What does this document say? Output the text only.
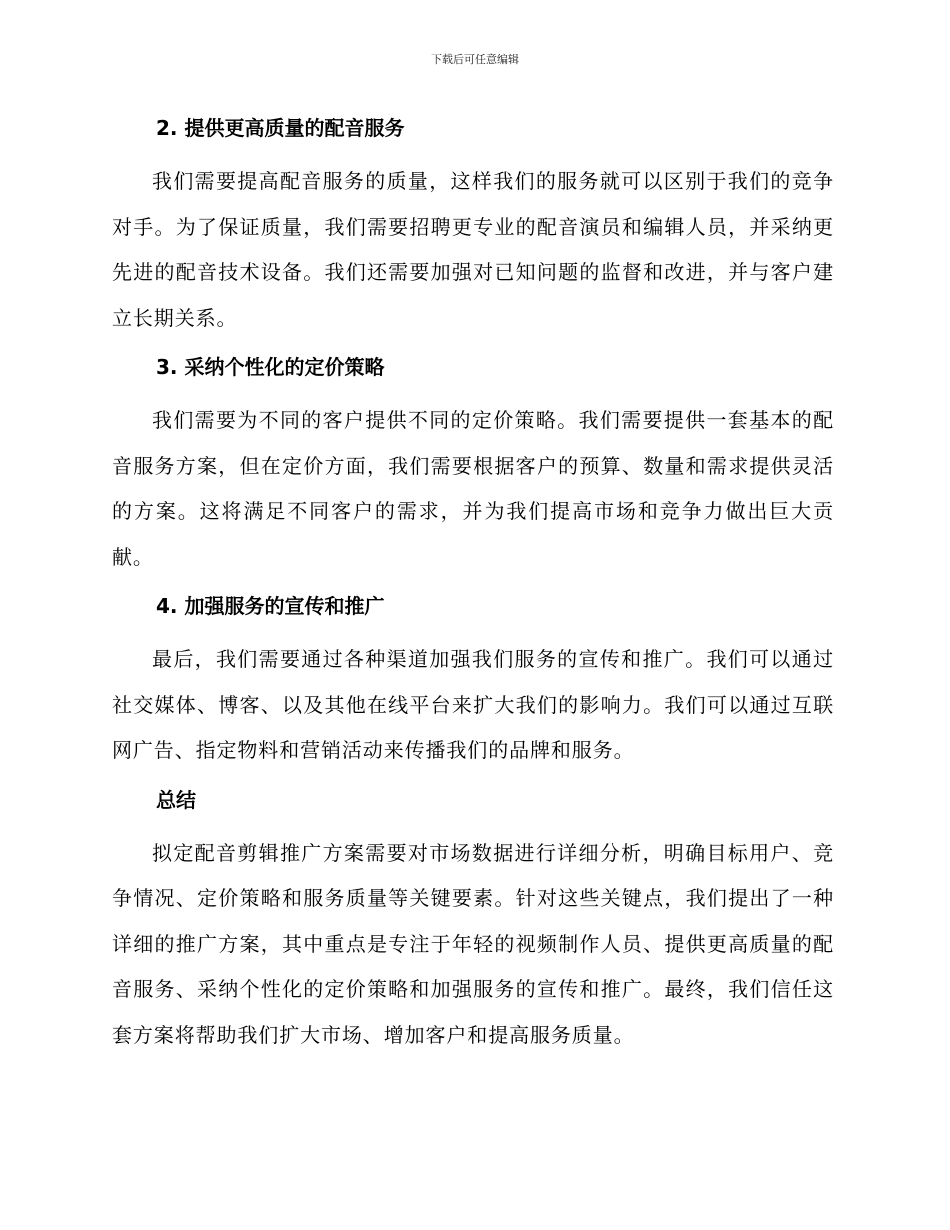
下载后可任意编辑
2. 提供更高质量的配音服务

我们需要提高配音服务的质量，这样我们的服务就可以区别于我们的竞争对手。为了保证质量，我们需要招聘更专业的配音演员和编辑人员，并采纳更先进的配音技术设备。我们还需要加强对已知问题的监督和改进，并与客户建立长期关系。

3. 采纳个性化的定价策略

我们需要为不同的客户提供不同的定价策略。我们需要提供一套基本的配音服务方案，但在定价方面，我们需要根据客户的预算、数量和需求提供灵活的方案。这将满足不同客户的需求，并为我们提高市场和竞争力做出巨大贡献。

4. 加强服务的宣传和推广

最后，我们需要通过各种渠道加强我们服务的宣传和推广。我们可以通过社交媒体、博客、以及其他在线平台来扩大我们的影响力。我们可以通过互联网广告、指定物料和营销活动来传播我们的品牌和服务。

总结

拟定配音剪辑推广方案需要对市场数据进行详细分析，明确目标用户、竞争情况、定价策略和服务质量等关键要素。针对这些关键点，我们提出了一种详细的推广方案，其中重点是专注于年轻的视频制作人员、提供更高质量的配音服务、采纳个性化的定价策略和加强服务的宣传和推广。最终，我们信任这套方案将帮助我们扩大市场、增加客户和提高服务质量。
